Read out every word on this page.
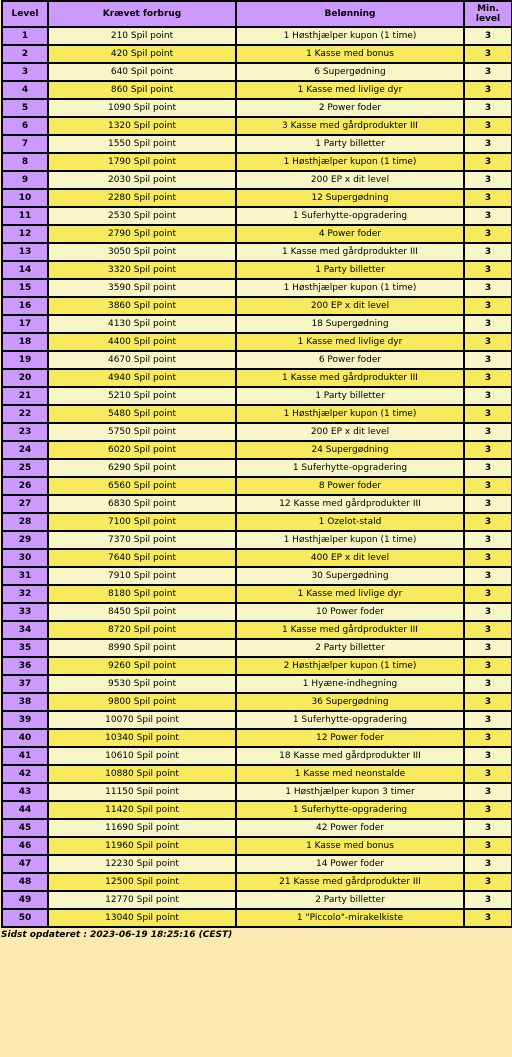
Level	Krævet forbrug	Belønning	Min.
level
1	210 Spil point	1 Høsthjælper kupon (1 time)	3
2	420 Spil point	1 Kasse med bonus	3
3	640 Spil point	6 Supergødning	3
4	860 Spil point	1 Kasse med livlige dyr	3
5	1090 Spil point	2 Power foder	3
6	1320 Spil point	3 Kasse med gårdprodukter III	3
7	1550 Spil point	1 Party billetter	3
8	1790 Spil point	1 Høsthjælper kupon (1 time)	3
9	2030 Spil point	200 EP x dit level	3
10	2280 Spil point	12 Supergødning	3
11	2530 Spil point	1 Suferhytte-opgradering	3
12	2790 Spil point	4 Power foder	3
13	3050 Spil point	1 Kasse med gårdprodukter III	3
14	3320 Spil point	1 Party billetter	3
15	3590 Spil point	1 Høsthjælper kupon (1 time)	3
16	3860 Spil point	200 EP x dit level	3
17	4130 Spil point	18 Supergødning	3
18	4400 Spil point	1 Kasse med livlige dyr	3
19	4670 Spil point	6 Power foder	3
20	4940 Spil point	1 Kasse med gårdprodukter III	3
21	5210 Spil point	1 Party billetter	3
22	5480 Spil point	1 Høsthjælper kupon (1 time)	3
23	5750 Spil point	200 EP x dit level	3
24	6020 Spil point	24 Supergødning	3
25	6290 Spil point	1 Suferhytte-opgradering	3
26	6560 Spil point	8 Power foder	3
27	6830 Spil point	12 Kasse med gårdprodukter III	3
28	7100 Spil point	1 Ozelot-stald	3
29	7370 Spil point	1 Høsthjælper kupon (1 time)	3
30	7640 Spil point	400 EP x dit level	3
31	7910 Spil point	30 Supergødning	3
32	8180 Spil point	1 Kasse med livlige dyr	3
33	8450 Spil point	10 Power foder	3
34	8720 Spil point	1 Kasse med gårdprodukter III	3
35	8990 Spil point	2 Party billetter	3
36	9260 Spil point	2 Høsthjælper kupon (1 time)	3
37	9530 Spil point	1 Hyæne-indhegning	3
38	9800 Spil point	36 Supergødning	3
39	10070 Spil point	1 Suferhytte-opgradering	3
40	10340 Spil point	12 Power foder	3
41	10610 Spil point	18 Kasse med gårdprodukter III	3
42	10880 Spil point	1 Kasse med neonstalde	3
43	11150 Spil point	1 Høsthjælper kupon 3 timer	3
44	11420 Spil point	1 Suferhytte-opgradering	3
45	11690 Spil point	42 Power foder	3
46	11960 Spil point	1 Kasse med bonus	3
47	12230 Spil point	14 Power foder	3
48	12500 Spil point	21 Kasse med gårdprodukter III	3
49	12770 Spil point	2 Party billetter	3
50	13040 Spil point	1 "Piccolo"-mirakelkiste	3
Sidst opdateret : 2023-06-19 18:25:16 (CEST)
